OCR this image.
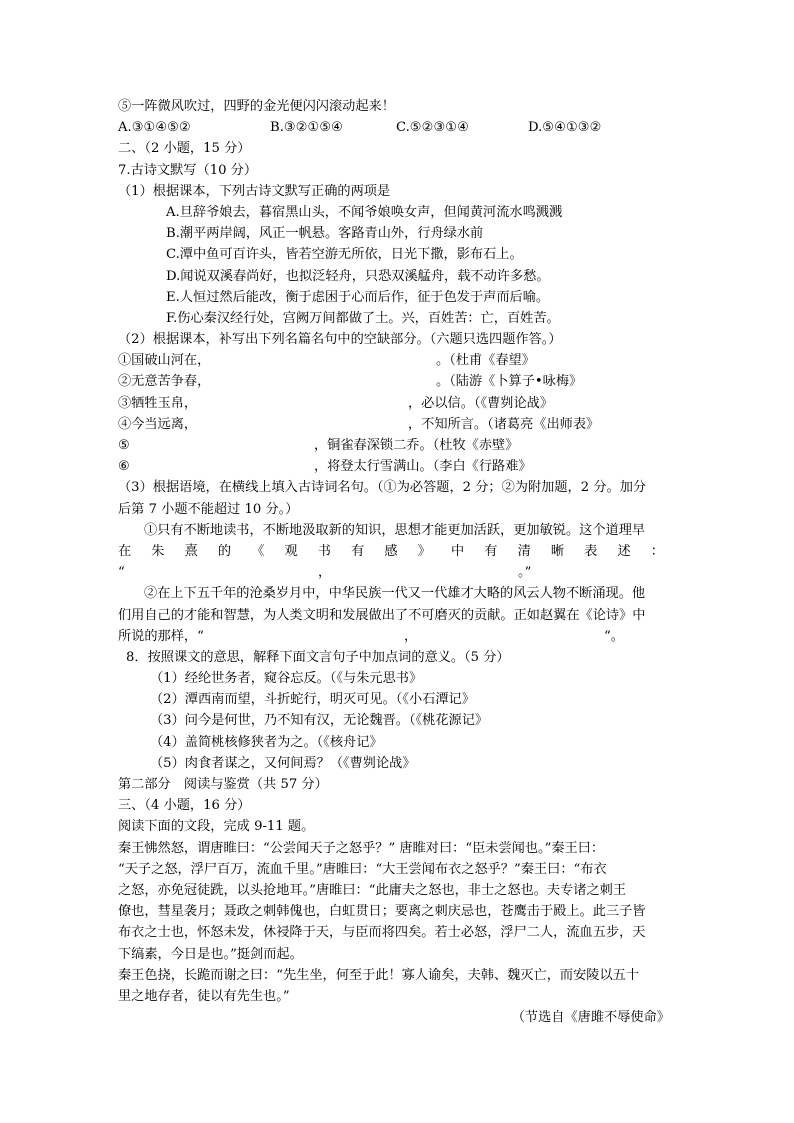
⑤一阵微风吹过，四野的金光便闪闪滚动起来！
A.③①④⑤②	B.③②①⑤④	C.⑤②③①④	D.⑤④①③②
二、（2 小题，15 分）
7.古诗文默写（10 分）
（1）根据课本，下列古诗文默写正确的两项是
A.旦辞爷娘去，暮宿黑山头，不闻爷娘唤女声，但闻黄河流水鸣溅溅
B.潮平两岸阔，风正一帆悬。客路青山外，行舟绿水前
C.潭中鱼可百许头，皆若空游无所依，日光下撒，影布石上。
D.闻说双溪春尚好，也拟泛轻舟，只恐双溪艋舟，载不动许多愁。
E.人恒过然后能改，衡于虑困于心而后作，征于色发于声而后喻。
F.伤心秦汉经行处，宫阙万间都做了土。兴，百姓苦：亡，百姓苦。
（2）根据课本，补写出下列名篇名句中的空缺部分。（六题只选四题作答。）
①国破山河在，	。（杜甫《春望》
②无意苦争春，	。（陆游《卜算子•咏梅》
③牺牲玉帛，	，必以信。（《曹刿论战》
④今当远离，	，不知所言。（诸葛亮《出师表》
⑤	，铜雀春深锁二乔。（杜牧《赤壁》
⑥	，将登太行雪满山。（李白《行路难》
（3）根据语境，在横线上填入古诗词名句。（①为必答题，2 分；②为附加题，2 分。加分
后第 7 小题不能超过 10 分。）
①只有不断地读书，不断地汲取新的知识，思想才能更加活跃，更加敏锐。这个道理早
在 朱 熹 的 《 观 书 有 感 》 中 有 清 晰 表 述 ：
“	，	。”
②在上下五千年的沧桑岁月中，中华民族一代又一代雄才大略的风云人物不断涌现。他
们用自己的才能和智慧，为人类文明和发展做出了不可磨灭的贡献。正如赵翼在《论诗》中
所说的那样，“	，	“。
8．按照课文的意思，解释下面文言句子中加点词的意义。（5 分）
（1）经纶世务者，窥谷忘反。（《与朱元思书》
（2）潭西南而望，斗折蛇行，明灭可见。（《小石潭记》
（3）问今是何世，乃不知有汉，无论魏晋。（《桃花源记》
（4）盖简桃核修狭者为之。（《核舟记》
（5）肉食者谋之，又何间焉？（《曹刿论战》
第二部分　阅读与鉴赏（共 57 分）
三、（4 小题，16 分）
阅读下面的文段，完成 9-11 题。
秦王怫然怒，谓唐睢曰：“公尝闻天子之怒乎？” 唐睢对曰：“臣未尝闻也。”秦王曰：
“天子之怒，浮尸百万，流血千里。”唐睢曰：“大王尝闻布衣之怒乎？”秦王曰：“布衣
之怒，亦免冠徒跣，以头抢地耳。”唐睢曰：“此庸夫之怒也，非士之怒也。夫专诸之刺王
僚也，彗星袭月；聂政之刺韩傀也，白虹贯日；要离之刺庆忌也，苍鹰击于殿上。此三子皆
布衣之士也，怀怒未发，休祲降于天，与臣而将四矣。若士必怒，浮尸二人，流血五步，天
下缟素，今日是也。”挺剑而起。
秦王色挠，长跪而谢之曰：“先生坐，何至于此！寡人谕矣，夫韩、魏灭亡，而安陵以五十
里之地存者，徒以有先生也。”
（节选自《唐雎不辱使命》
